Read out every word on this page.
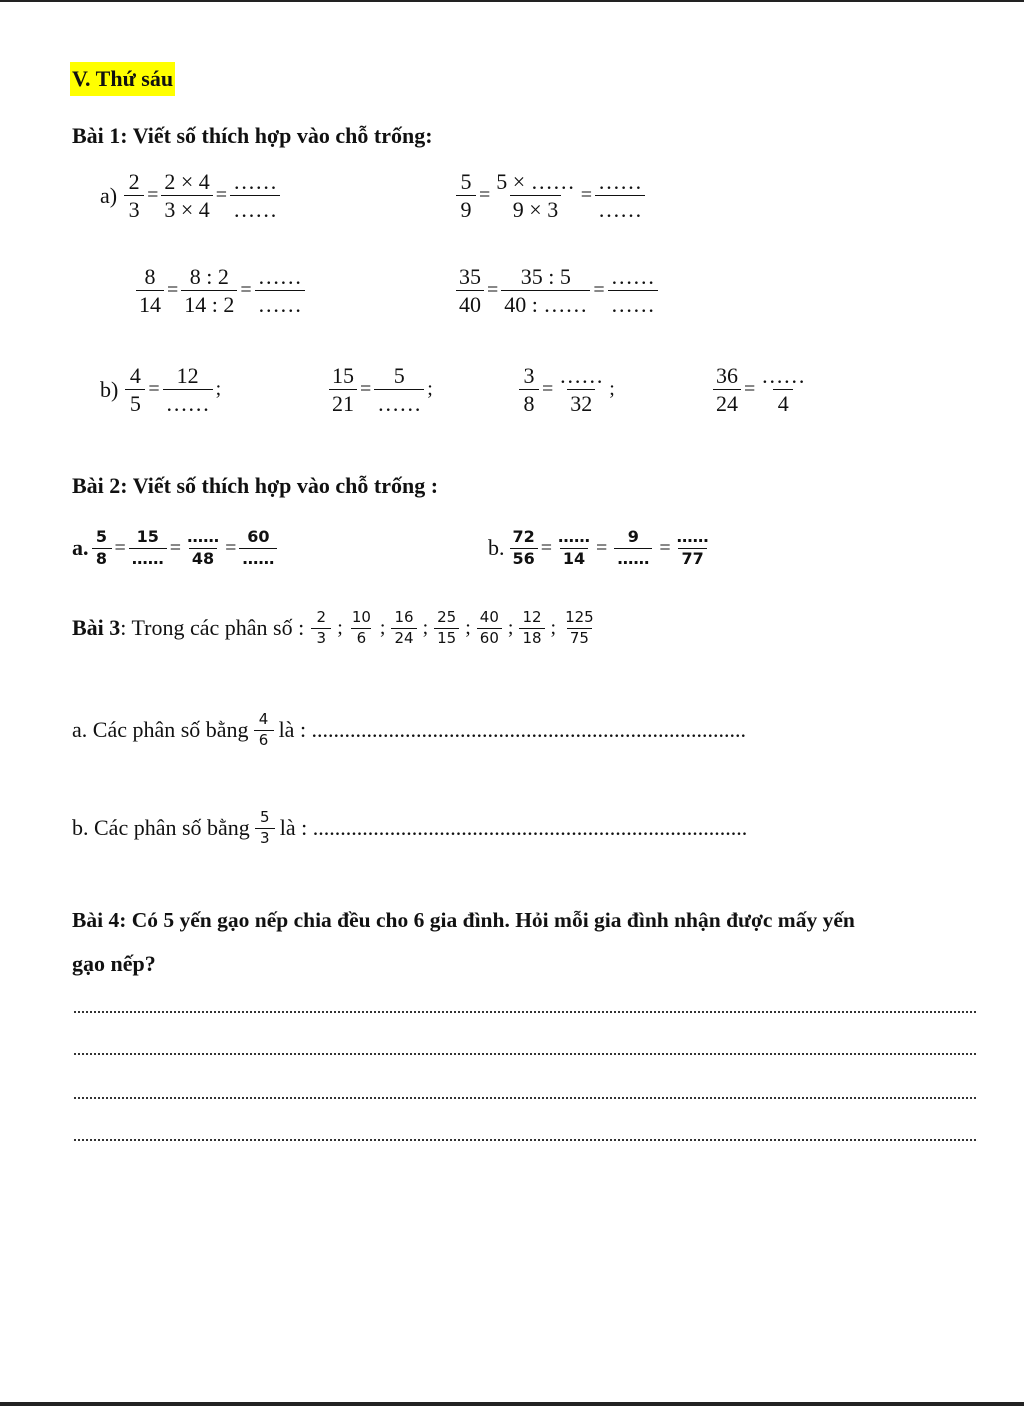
V. Thứ sáu
Bài 1: Viết số thích hợp vào chỗ trống:
$a) \frac{2}{3} = \frac{2 \times 4}{3 \times 4} = \frac{\dots\dots}{\dots\dots}$	$\frac{5}{9} = \frac{5 \times \dots\dots}{9 \times 3} = \frac{\dots\dots}{\dots\dots}$
$\frac{8}{14} = \frac{8 : 2}{14 : 2} = \frac{\dots\dots}{\dots\dots}$	$\frac{35}{40} = \frac{35 : 5}{40 : \dots\dots} = \frac{\dots\dots}{\dots\dots}$
$b) \frac{4}{5} = \frac{12}{\dots\dots}$ ;	$\frac{15}{21} = \frac{5}{\dots\dots}$ ;	$\frac{3}{8} = \frac{\dots\dots}{32}$ ;	$\frac{36}{24} = \frac{\dots\dots}{4}$
Bài 2: Viết số thích hợp vào chỗ trống :
a. $\frac{5}{8} = \frac{15}{\dots\dots} = \frac{\dots\dots}{48} = \frac{60}{\dots\dots}$	b. $\frac{72}{56} = \frac{\dots\dots}{14} = \frac{9}{\dots\dots} = \frac{\dots\dots}{77}$
Bài 3: Trong các phân số : $\frac{2}{3}$ ; $\frac{10}{6}$ ; $\frac{16}{24}$ ; $\frac{25}{15}$ ; $\frac{40}{60}$ ; $\frac{12}{18}$ ; $\frac{125}{75}$
a. Các phân số bằng $\frac{4}{6}$ là : ...............................................................................
b. Các phân số bằng $\frac{5}{3}$ là : ...............................................................................
Bài 4: Có 5 yến gạo nếp chia đều cho 6 gia đình. Hỏi mỗi gia đình nhận được mấy yến
gạo nếp?
